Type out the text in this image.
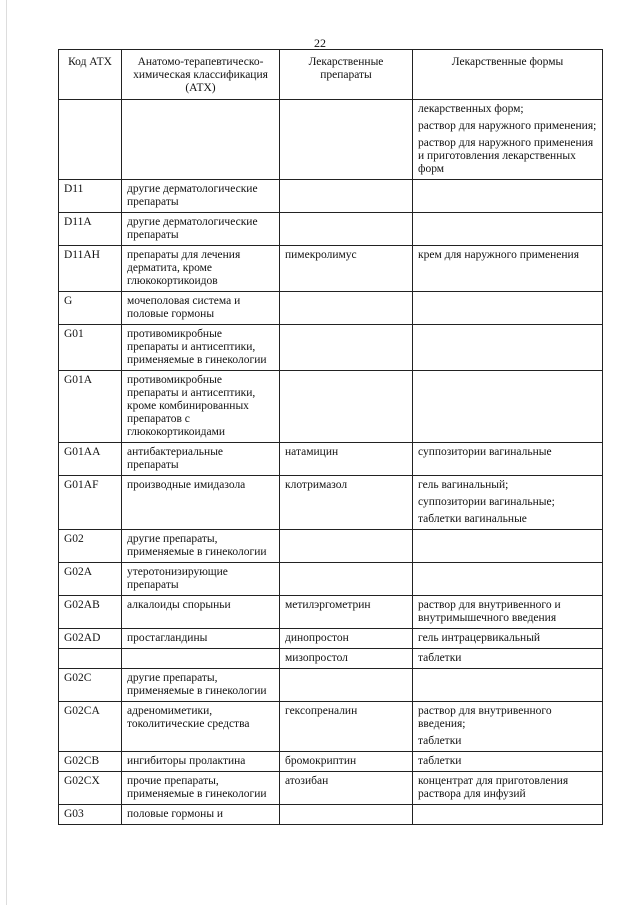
22
Код АТХ	Анатомо-терапевтическо-химическая классификация (АТХ)	Лекарственные препараты	Лекарственные формы

			лекарственных форм;
раствор для наружного применения;
раствор для наружного применения и приготовления лекарственных форм

D11	другие дерматологические препараты		
D11A	другие дерматологические препараты		
D11AH	препараты для лечения дерматита, кроме глюкокортикоидов	пимекролимус	крем для наружного применения

G	мочеполовая система и половые гормоны		
G01	противомикробные препараты и антисептики, применяемые в гинекологии		
G01A	противомикробные препараты и антисептики, кроме комбинированных препаратов с глюкокортикоидами		
G01AA	антибактериальные препараты	натамицин	суппозитории вагинальные

G01AF	производные имидазола	клотримазол	гель вагинальный;
суппозитории вагинальные;
таблетки вагинальные

G02	другие препараты, применяемые в гинекологии		
G02A	утеротонизирующие препараты		
G02AB	алкалоиды спорыньи	метилэргометрин	раствор для внутривенного и внутримышечного введения

G02AD	простагландины	динопростон	гель интрацервикальный

		мизопростол	таблетки

G02C	другие препараты, применяемые в гинекологии		
G02CA	адреномиметики, токолитические средства	гексопреналин	раствор для внутривенного введения;
таблетки

G02CB	ингибиторы пролактина	бромокриптин	таблетки

G02CX	прочие препараты, применяемые в гинекологии	атозибан	концентрат для приготовления раствора для инфузий

G03	половые гормоны и		
